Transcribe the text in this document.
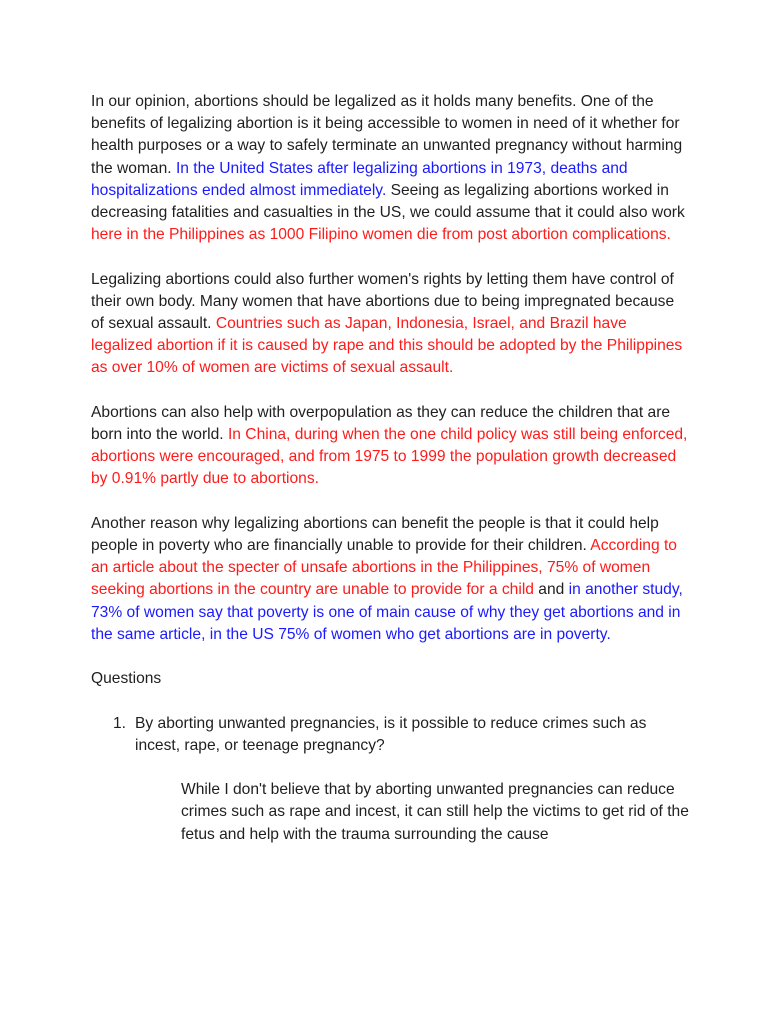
In our opinion, abortions should be legalized as it holds many benefits. One of the benefits of legalizing abortion is it being accessible to women in need of it whether for health purposes or a way to safely terminate an unwanted pregnancy without harming the woman. In the United States after legalizing abortions in 1973, deaths and hospitalizations ended almost immediately. Seeing as legalizing abortions worked in decreasing fatalities and casualties in the US, we could assume that it could also work here in the Philippines as 1000 Filipino women die from post abortion complications.

Legalizing abortions could also further women's rights by letting them have control of their own body. Many women that have abortions due to being impregnated because of sexual assault. Countries such as Japan, Indonesia, Israel, and Brazil have legalized abortion if it is caused by rape and this should be adopted by the Philippines as over 10% of women are victims of sexual assault.

Abortions can also help with overpopulation as they can reduce the children that are born into the world. In China, during when the one child policy was still being enforced, abortions were encouraged, and from 1975 to 1999 the population growth decreased by 0.91% partly due to abortions.

Another reason why legalizing abortions can benefit the people is that it could help people in poverty who are financially unable to provide for their children. According to an article about the specter of unsafe abortions in the Philippines, 75% of women seeking abortions in the country are unable to provide for a child and in another study, 73% of women say that poverty is one of main cause of why they get abortions and in the same article, in the US 75% of women who get abortions are in poverty.

Questions

1. By aborting unwanted pregnancies, is it possible to reduce crimes such as incest, rape, or teenage pregnancy?

While I don't believe that by aborting unwanted pregnancies can reduce crimes such as rape and incest, it can still help the victims to get rid of the fetus and help with the trauma surrounding the cause
